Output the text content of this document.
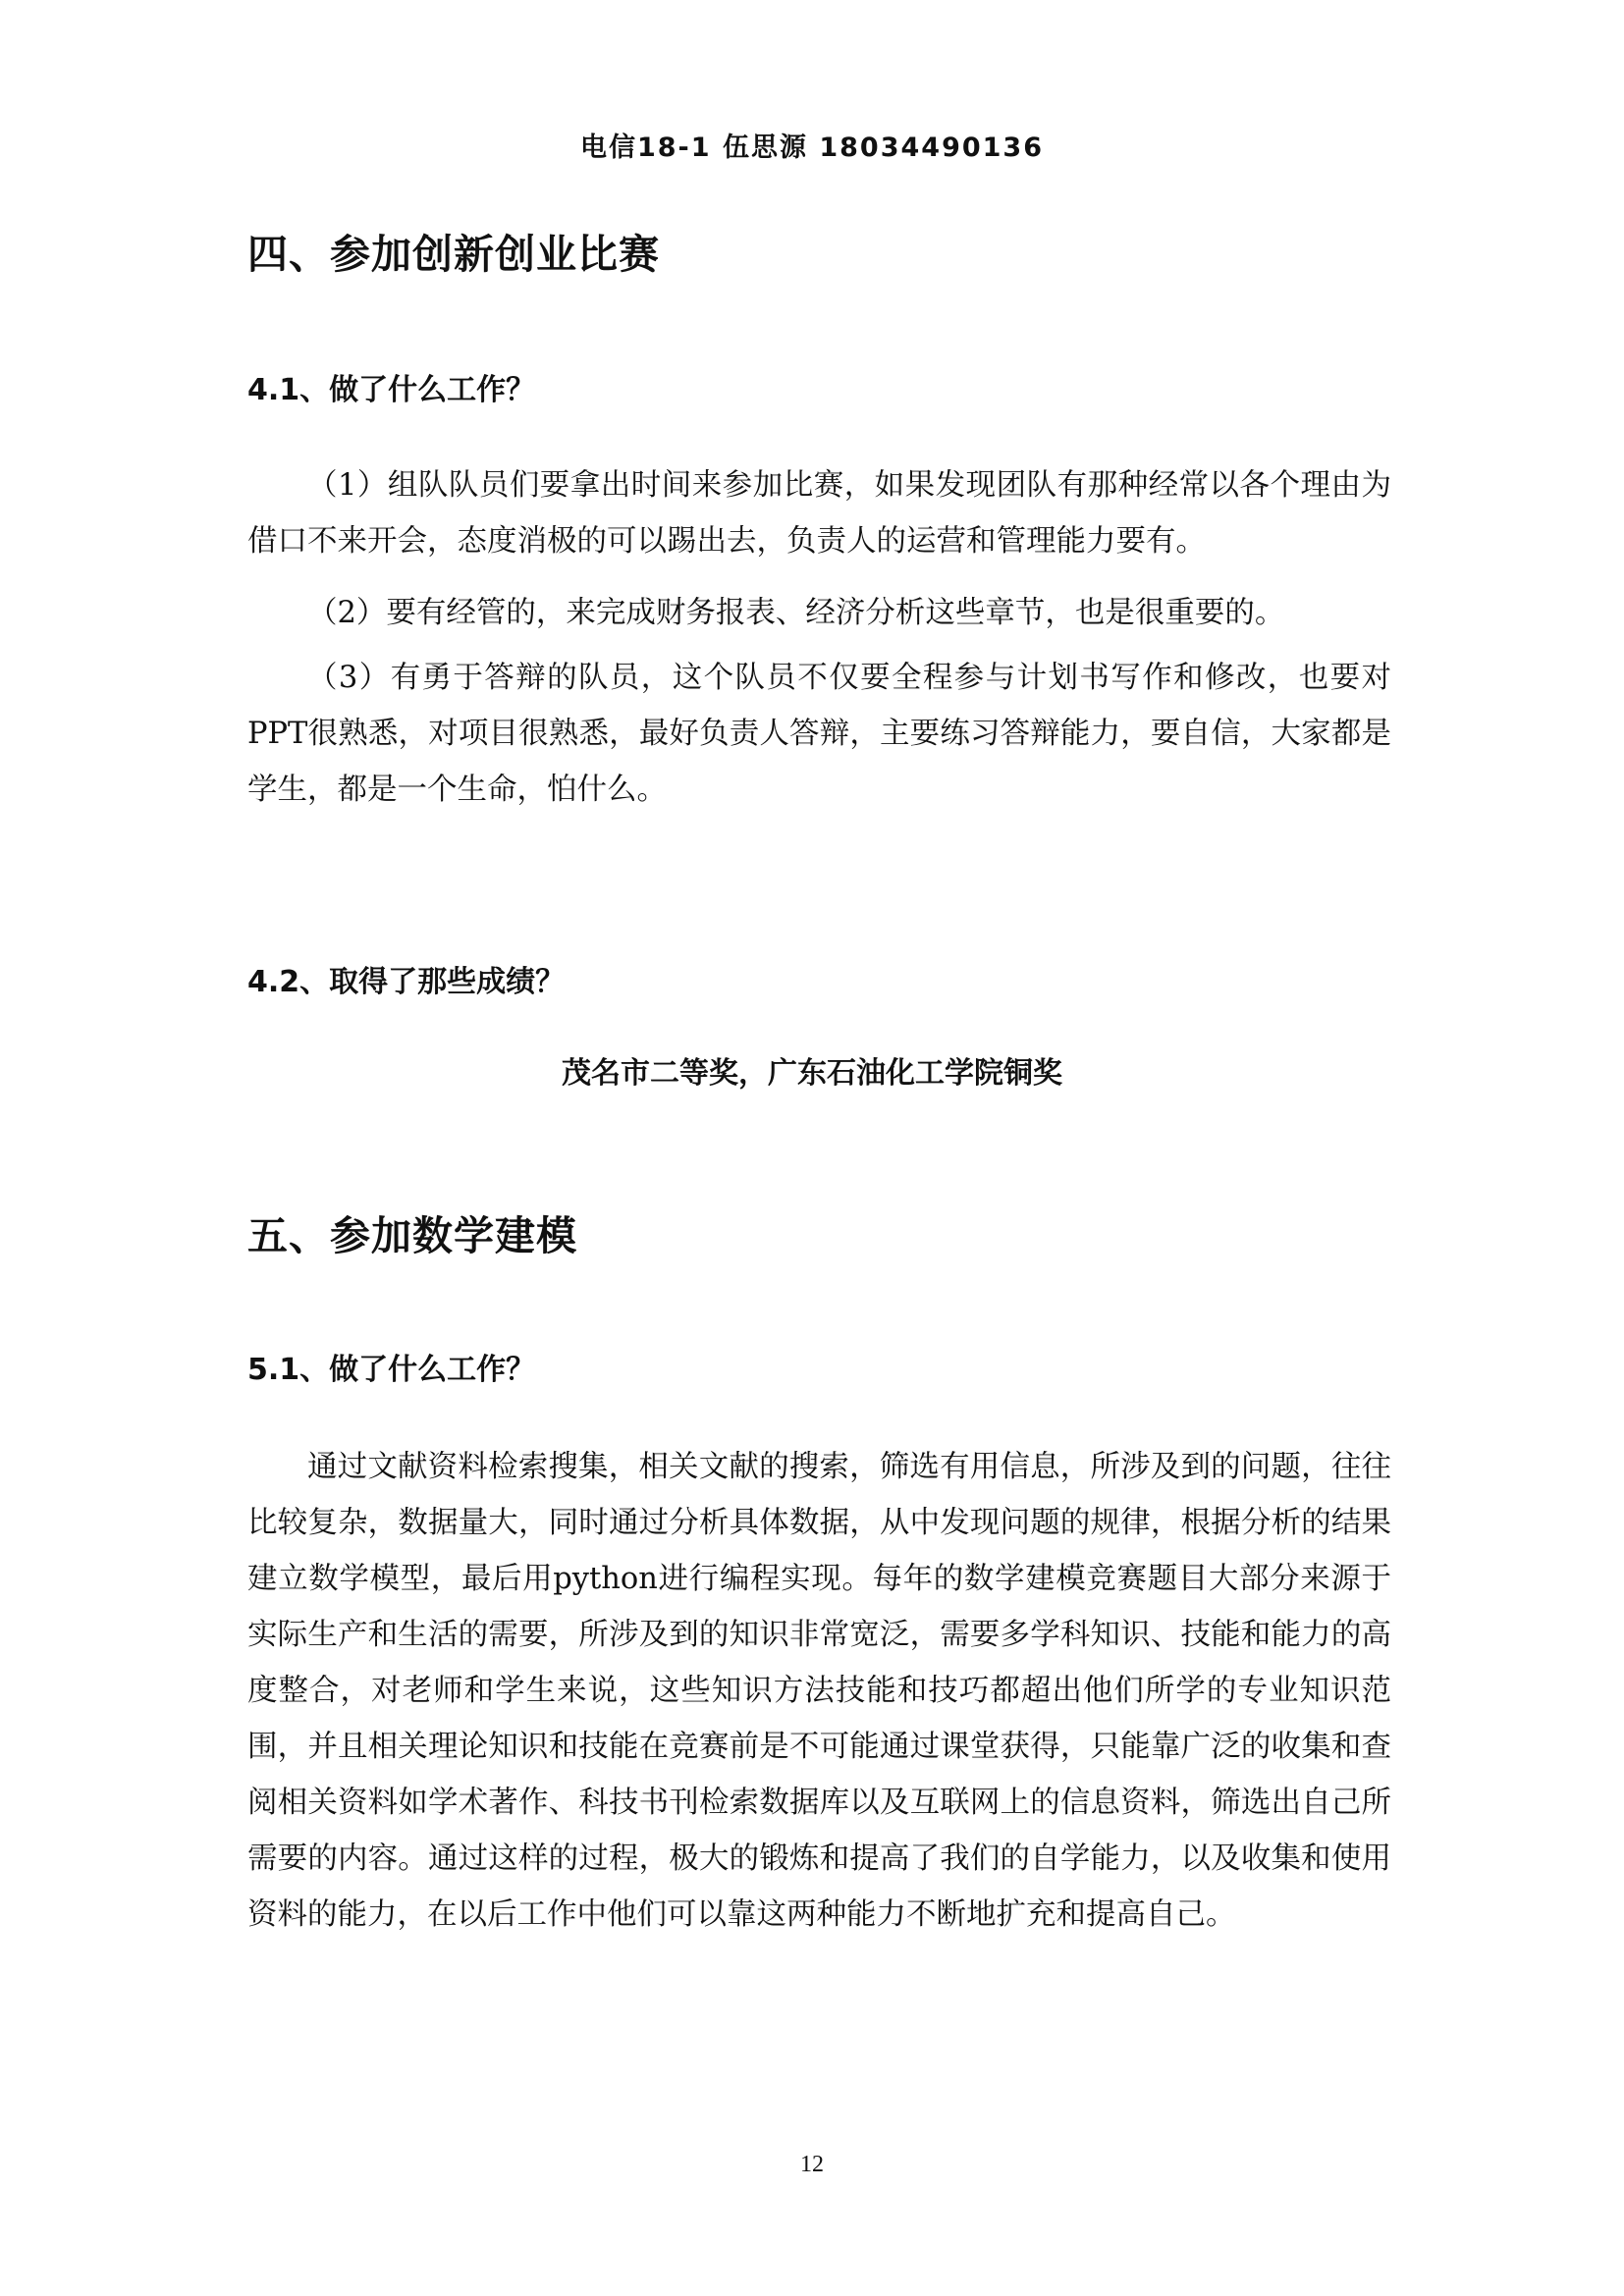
电信18-1 伍思源 18034490136
四、参加创新创业比赛
4.1、做了什么工作？

（1）组队队员们要拿出时间来参加比赛，如果发现团队有那种经常以各个理由为借口不来开会，态度消极的可以踢出去，负责人的运营和管理能力要有。

（2）要有经管的，来完成财务报表、经济分析这些章节，也是很重要的。

（3）有勇于答辩的队员，这个队员不仅要全程参与计划书写作和修改，也要对PPT很熟悉，对项目很熟悉，最好负责人答辩，主要练习答辩能力，要自信，大家都是学生，都是一个生命，怕什么。

4.2、取得了那些成绩？
茂名市二等奖，广东石油化工学院铜奖
五、参加数学建模
5.1、做了什么工作？

通过文献资料检索搜集，相关文献的搜索，筛选有用信息，所涉及到的问题，往往比较复杂，数据量大，同时通过分析具体数据，从中发现问题的规律，根据分析的结果建立数学模型，最后用python进行编程实现。每年的数学建模竞赛题目大部分来源于实际生产和生活的需要，所涉及到的知识非常宽泛，需要多学科知识、技能和能力的高度整合，对老师和学生来说，这些知识方法技能和技巧都超出他们所学的专业知识范围，并且相关理论知识和技能在竞赛前是不可能通过课堂获得，只能靠广泛的收集和查阅相关资料如学术著作、科技书刊检索数据库以及互联网上的信息资料，筛选出自己所需要的内容。通过这样的过程，极大的锻炼和提高了我们的自学能力，以及收集和使用资料的能力，在以后工作中他们可以靠这两种能力不断地扩充和提高自己。

12
